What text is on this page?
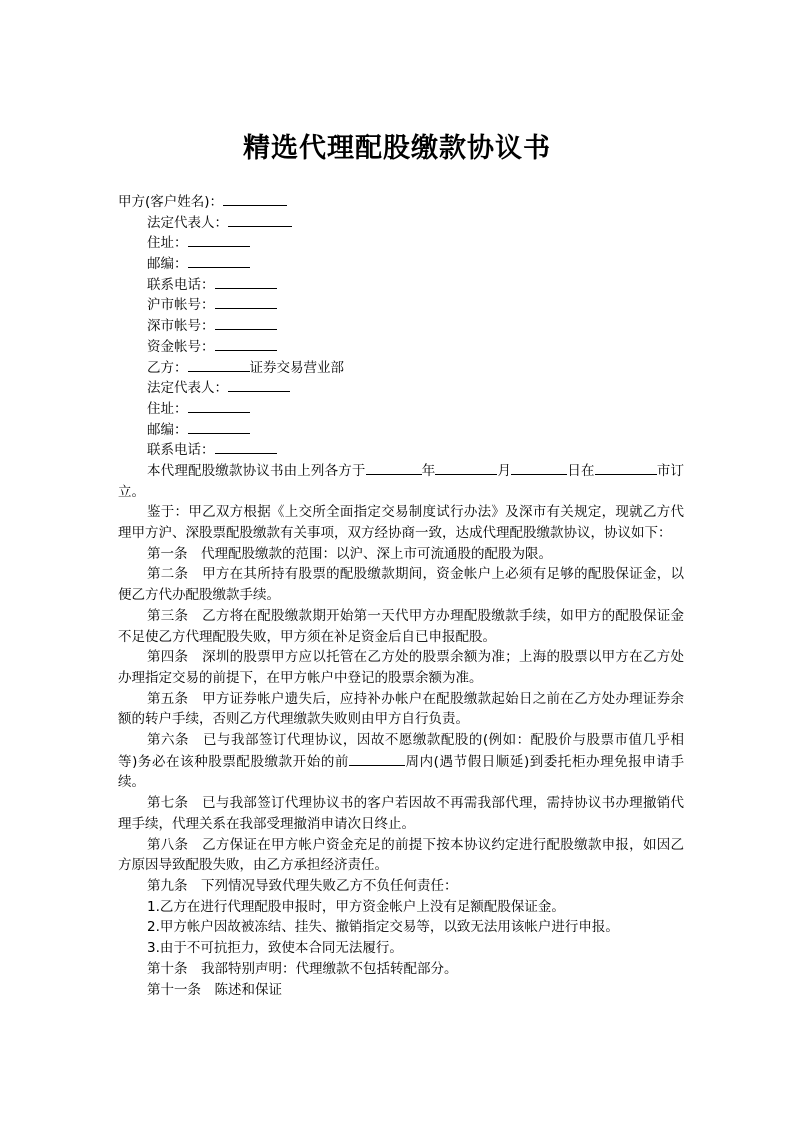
精选代理配股缴款协议书
甲方(客户姓名)：
法定代表人：
住址：
邮编：
联系电话：
沪市帐号：
深市帐号：
资金帐号：
乙方：	证券交易营业部
法定代表人：
住址：
邮编：
联系电话：

本代理配股缴款协议书由上列各方于	年	月	日在	市订立。

鉴于：甲乙双方根据《上交所全面指定交易制度试行办法》及深市有关规定，现就乙方代理甲方沪、深股票配股缴款有关事项，双方经协商一致，达成代理配股缴款协议，协议如下：

第一条　代理配股缴款的范围：以沪、深上市可流通股的配股为限。

第二条　甲方在其所持有股票的配股缴款期间，资金帐户上必须有足够的配股保证金，以便乙方代办配股缴款手续。

第三条　乙方将在配股缴款期开始第一天代甲方办理配股缴款手续，如甲方的配股保证金不足使乙方代理配股失败，甲方须在补足资金后自已申报配股。

第四条　深圳的股票甲方应以托管在乙方处的股票余额为准；上海的股票以甲方在乙方处办理指定交易的前提下，在甲方帐户中登记的股票余额为准。

第五条　甲方证券帐户遗失后，应持补办帐户在配股缴款起始日之前在乙方处办理证券余额的转户手续，否则乙方代理缴款失败则由甲方自行负责。

第六条　已与我部签订代理协议，因故不愿缴款配股的(例如：配股价与股票市值几乎相等)务必在该种股票配股缴款开始的前	周内(遇节假日顺延)到委托柜办理免报申请手续。

第七条　已与我部签订代理协议书的客户若因故不再需我部代理，需持协议书办理撤销代理手续，代理关系在我部受理撤消申请次日终止。

第八条　乙方保证在甲方帐户资金充足的前提下按本协议约定进行配股缴款申报，如因乙方原因导致配股失败，由乙方承担经济责任。

第九条　下列情况导致代理失败乙方不负任何责任：

1.乙方在进行代理配股申报时，甲方资金帐户上没有足额配股保证金。

2.甲方帐户因故被冻结、挂失、撤销指定交易等，以致无法用该帐户进行申报。

3.由于不可抗拒力，致使本合同无法履行。

第十条　我部特别声明：代理缴款不包括转配部分。

第十一条　陈述和保证
